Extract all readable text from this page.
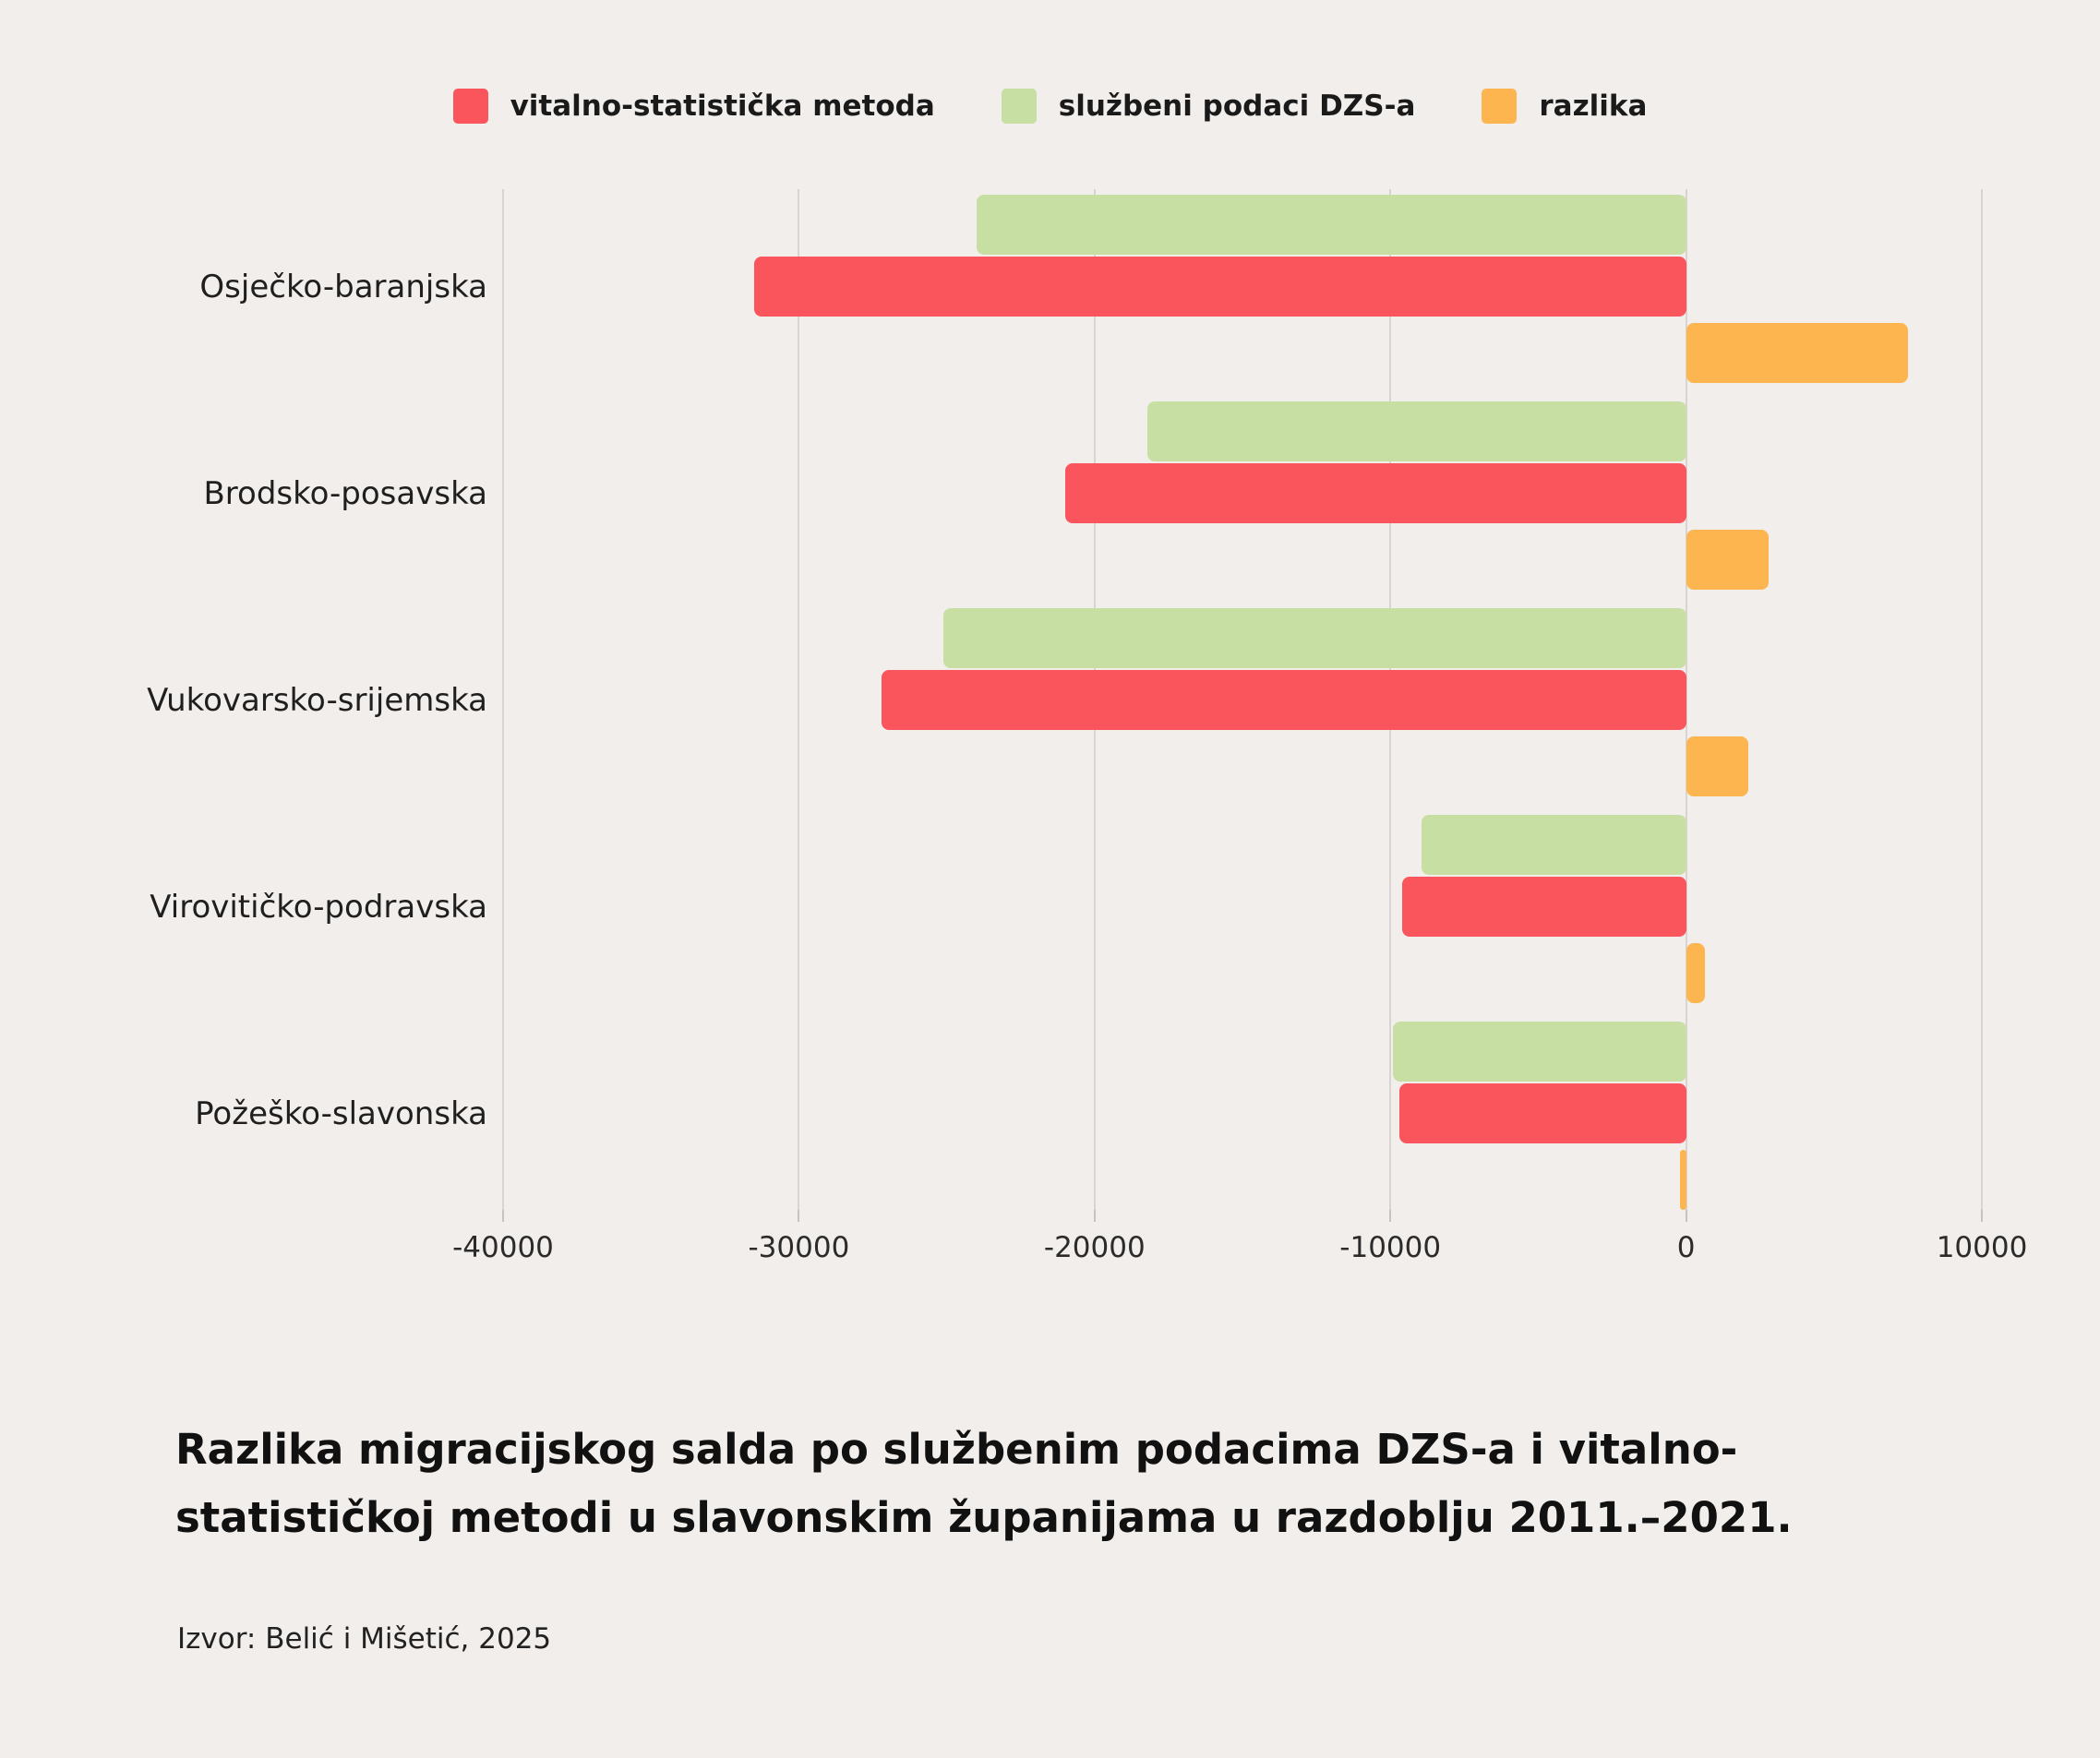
vitalno-statistička metoda	službeni podaci DZS-a	razlika
Osječko-baranjska
Brodsko-posavska
Vukovarsko-srijemska
Virovitičko-podravska
Požeško-slavonska
-40000	-30000	-20000	-10000	0	10000
Razlika migracijskog salda po službenim podacima DZS-a i vitalno-statističkoj metodi u slavonskim županijama u razdoblju 2011.–2021.
Izvor: Belić i Mišetić, 2025
